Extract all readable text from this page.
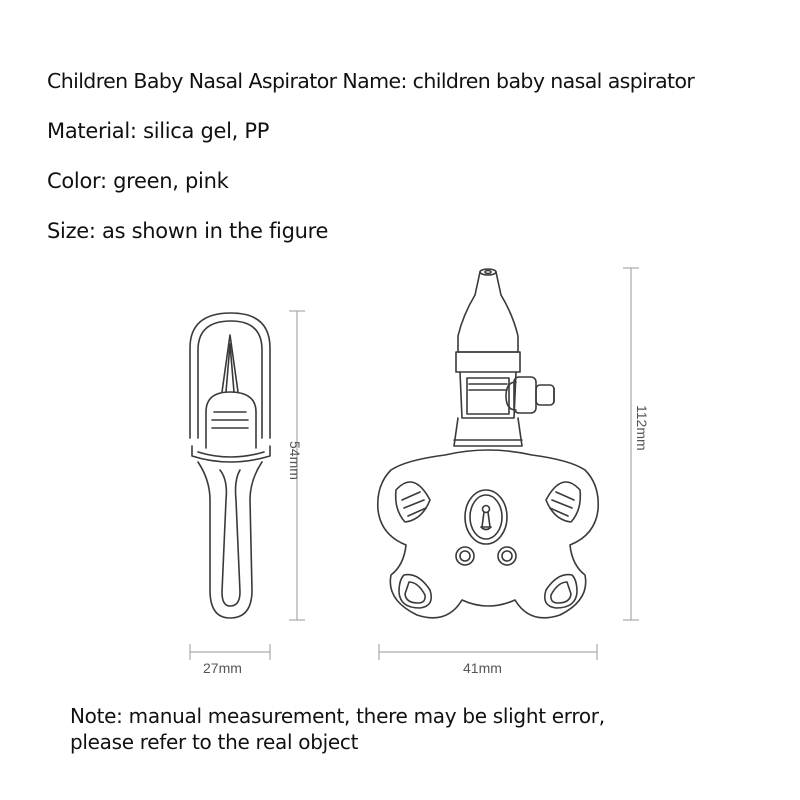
Children Baby Nasal Aspirator Name: children baby nasal aspirator
Material: silica gel, PP
Color: green, pink
Size: as shown in the figure
54mm
112mm
27mm	41mm
Note: manual measurement, there may be slight error,
please refer to the real object
